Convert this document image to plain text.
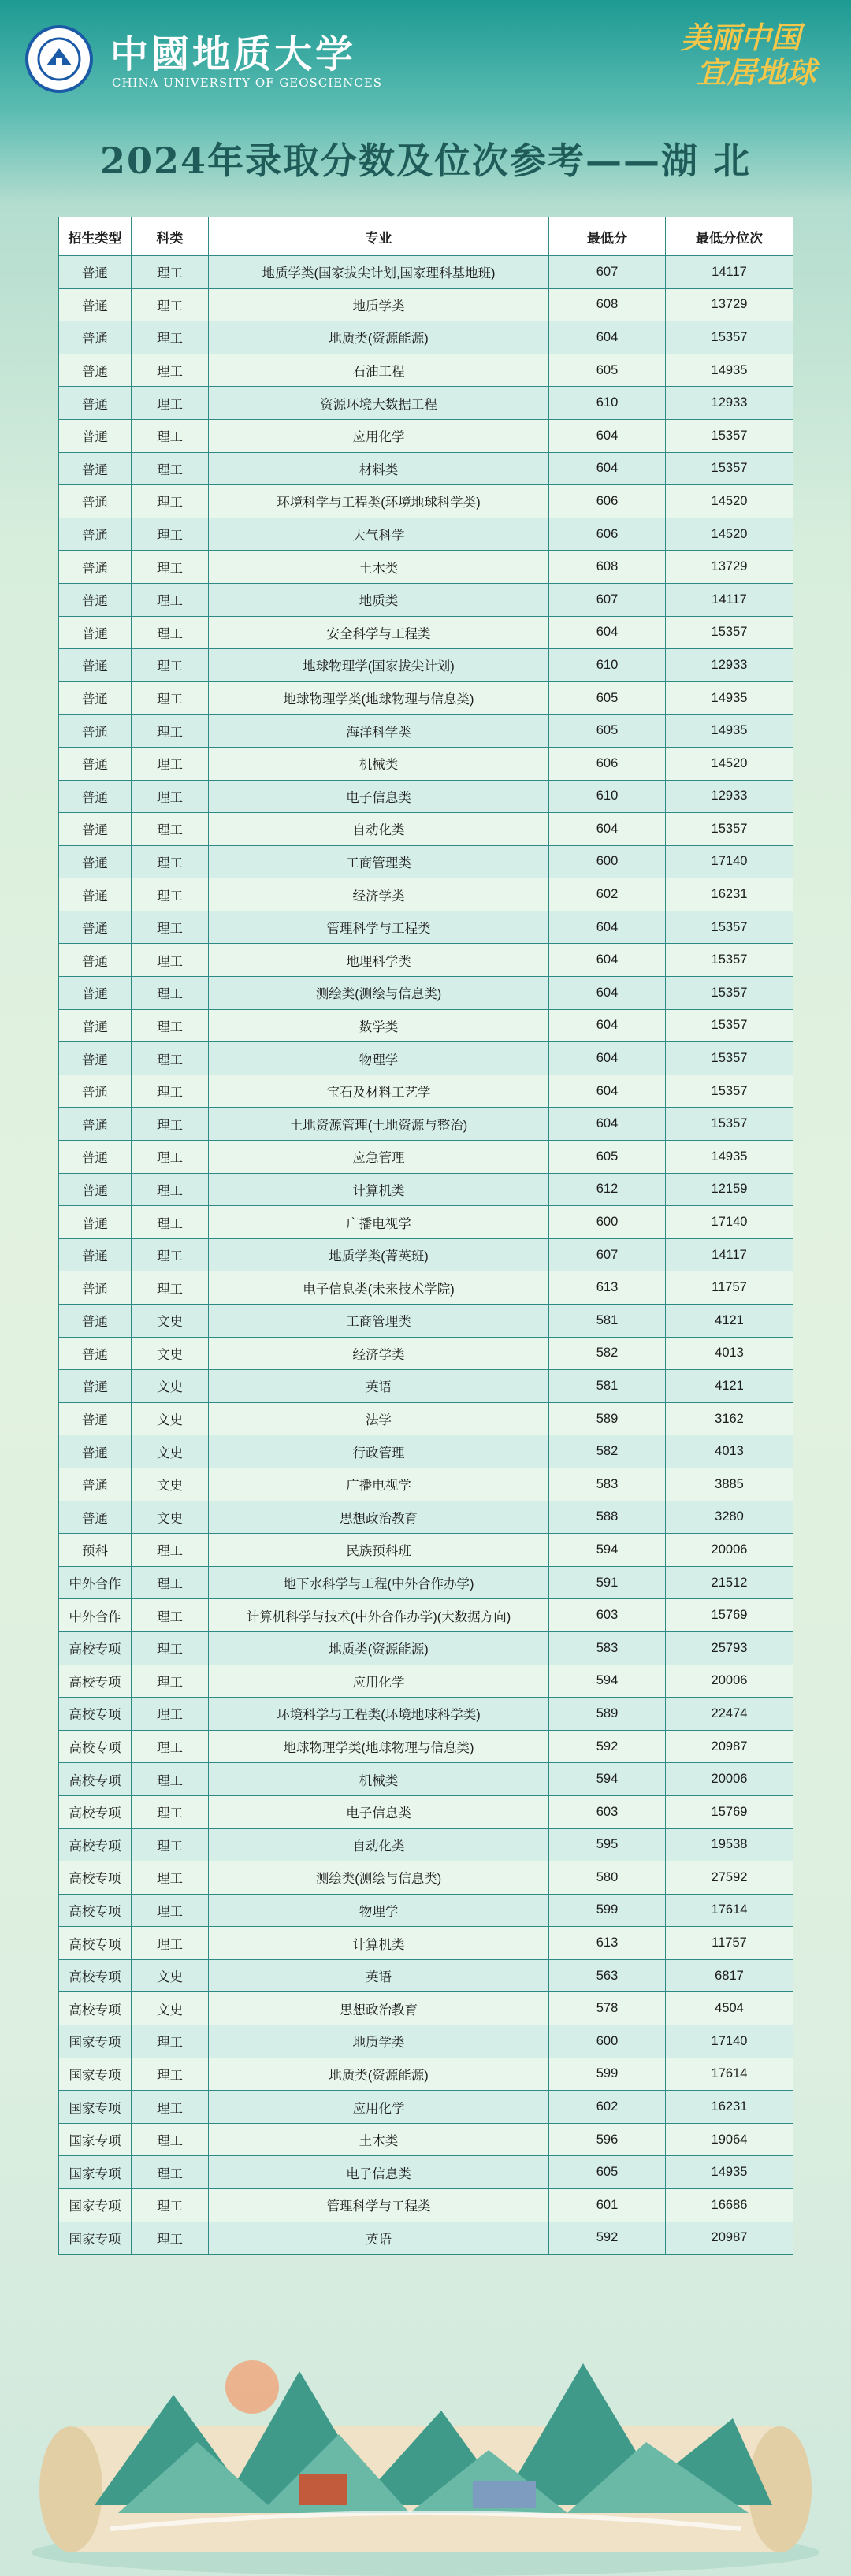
中國地质大学
CHINA UNIVERSITY OF GEOSCIENCES
美丽中国
宜居地球
2024年录取分数及位次参考——湖 北
招生类型	科类	专业	最低分	最低分位次
普通	理工	地质学类(国家拔尖计划,国家理科基地班)	607	14117
普通	理工	地质学类	608	13729
普通	理工	地质类(资源能源)	604	15357
普通	理工	石油工程	605	14935
普通	理工	资源环境大数据工程	610	12933
普通	理工	应用化学	604	15357
普通	理工	材料类	604	15357
普通	理工	环境科学与工程类(环境地球科学类)	606	14520
普通	理工	大气科学	606	14520
普通	理工	土木类	608	13729
普通	理工	地质类	607	14117
普通	理工	安全科学与工程类	604	15357
普通	理工	地球物理学(国家拔尖计划)	610	12933
普通	理工	地球物理学类(地球物理与信息类)	605	14935
普通	理工	海洋科学类	605	14935
普通	理工	机械类	606	14520
普通	理工	电子信息类	610	12933
普通	理工	自动化类	604	15357
普通	理工	工商管理类	600	17140
普通	理工	经济学类	602	16231
普通	理工	管理科学与工程类	604	15357
普通	理工	地理科学类	604	15357
普通	理工	测绘类(测绘与信息类)	604	15357
普通	理工	数学类	604	15357
普通	理工	物理学	604	15357
普通	理工	宝石及材料工艺学	604	15357
普通	理工	土地资源管理(土地资源与整治)	604	15357
普通	理工	应急管理	605	14935
普通	理工	计算机类	612	12159
普通	理工	广播电视学	600	17140
普通	理工	地质学类(菁英班)	607	14117
普通	理工	电子信息类(未来技术学院)	613	11757
普通	文史	工商管理类	581	4121
普通	文史	经济学类	582	4013
普通	文史	英语	581	4121
普通	文史	法学	589	3162
普通	文史	行政管理	582	4013
普通	文史	广播电视学	583	3885
普通	文史	思想政治教育	588	3280
预科	理工	民族预科班	594	20006
中外合作	理工	地下水科学与工程(中外合作办学)	591	21512
中外合作	理工	计算机科学与技术(中外合作办学)(大数据方向)	603	15769
高校专项	理工	地质类(资源能源)	583	25793
高校专项	理工	应用化学	594	20006
高校专项	理工	环境科学与工程类(环境地球科学类)	589	22474
高校专项	理工	地球物理学类(地球物理与信息类)	592	20987
高校专项	理工	机械类	594	20006
高校专项	理工	电子信息类	603	15769
高校专项	理工	自动化类	595	19538
高校专项	理工	测绘类(测绘与信息类)	580	27592
高校专项	理工	物理学	599	17614
高校专项	理工	计算机类	613	11757
高校专项	文史	英语	563	6817
高校专项	文史	思想政治教育	578	4504
国家专项	理工	地质学类	600	17140
国家专项	理工	地质类(资源能源)	599	17614
国家专项	理工	应用化学	602	16231
国家专项	理工	土木类	596	19064
国家专项	理工	电子信息类	605	14935
国家专项	理工	管理科学与工程类	601	16686
国家专项	理工	英语	592	20987
